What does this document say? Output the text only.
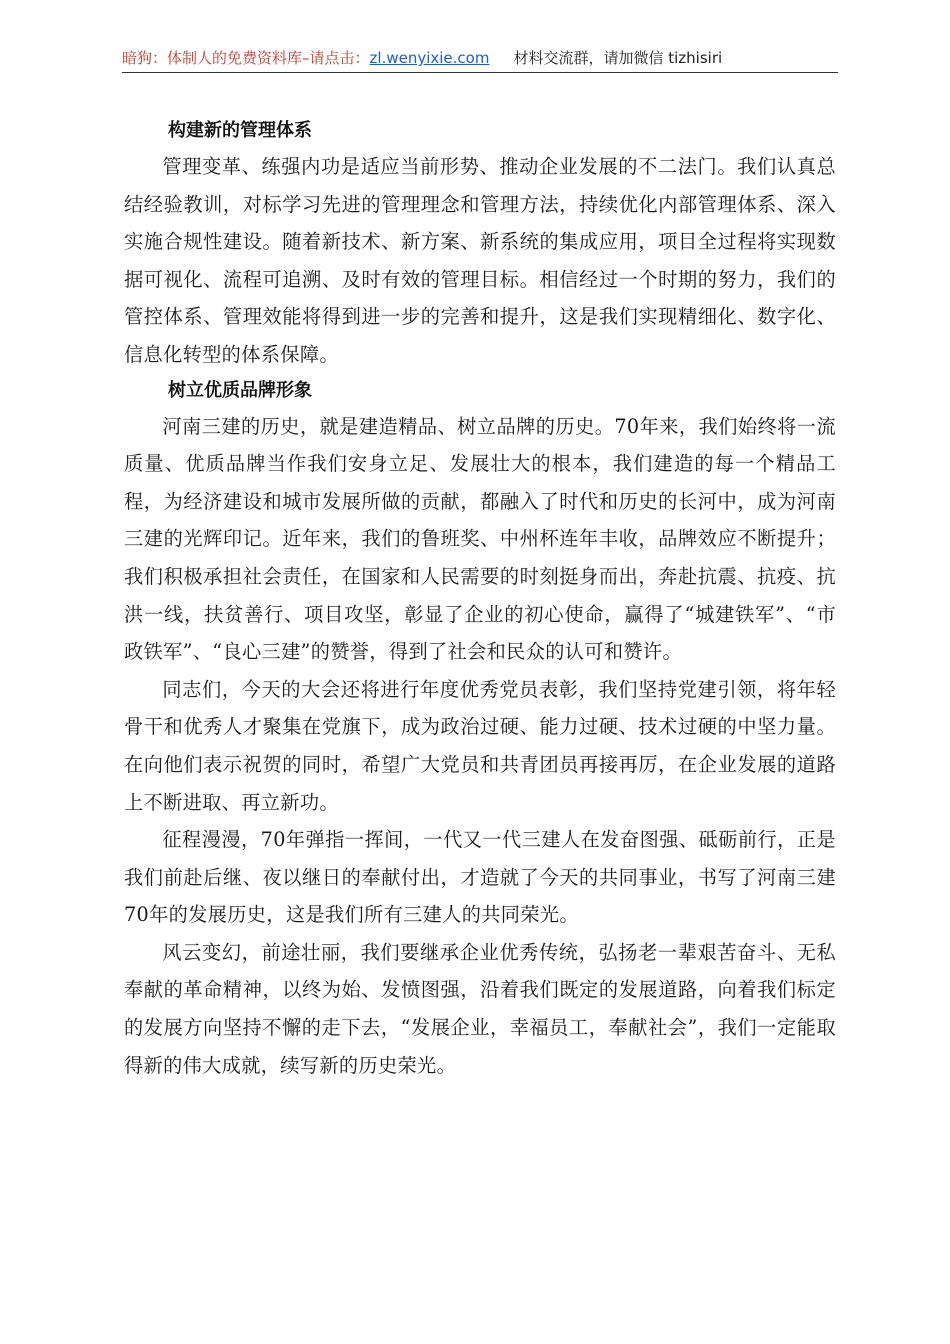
暗狗：体制人的免费资料库–请点击：zl.wenyixie.com 材料交流群，请加微信 tizhisiri
构建新的管理体系

管理变革、练强内功是适应当前形势、推动企业发展的不二法门。我们认真总结经验教训，对标学习先进的管理理念和管理方法，持续优化内部管理体系、深入实施合规性建设。随着新技术、新方案、新系统的集成应用，项目全过程将实现数据可视化、流程可追溯、及时有效的管理目标。相信经过一个时期的努力，我们的管控体系、管理效能将得到进一步的完善和提升，这是我们实现精细化、数字化、信息化转型的体系保障。

树立优质品牌形象

河南三建的历史，就是建造精品、树立品牌的历史。70年来，我们始终将一流质量、优质品牌当作我们安身立足、发展壮大的根本，我们建造的每一个精品工程，为经济建设和城市发展所做的贡献，都融入了时代和历史的长河中，成为河南三建的光辉印记。近年来，我们的鲁班奖、中州杯连年丰收，品牌效应不断提升；我们积极承担社会责任，在国家和人民需要的时刻挺身而出，奔赴抗震、抗疫、抗洪一线，扶贫善行、项目攻坚，彰显了企业的初心使命，赢得了“城建铁军”、“市政铁军”、“良心三建”的赞誉，得到了社会和民众的认可和赞许。

同志们，今天的大会还将进行年度优秀党员表彰，我们坚持党建引领，将年轻骨干和优秀人才聚集在党旗下，成为政治过硬、能力过硬、技术过硬的中坚力量。在向他们表示祝贺的同时，希望广大党员和共青团员再接再厉，在企业发展的道路上不断进取、再立新功。

征程漫漫，70年弹指一挥间，一代又一代三建人在发奋图强、砥砺前行，正是我们前赴后继、夜以继日的奉献付出，才造就了今天的共同事业，书写了河南三建70年的发展历史，这是我们所有三建人的共同荣光。

风云变幻，前途壮丽，我们要继承企业优秀传统，弘扬老一辈艰苦奋斗、无私奉献的革命精神，以终为始、发愤图强，沿着我们既定的发展道路，向着我们标定的发展方向坚持不懈的走下去，“发展企业，幸福员工，奉献社会”，我们一定能取得新的伟大成就，续写新的历史荣光。
